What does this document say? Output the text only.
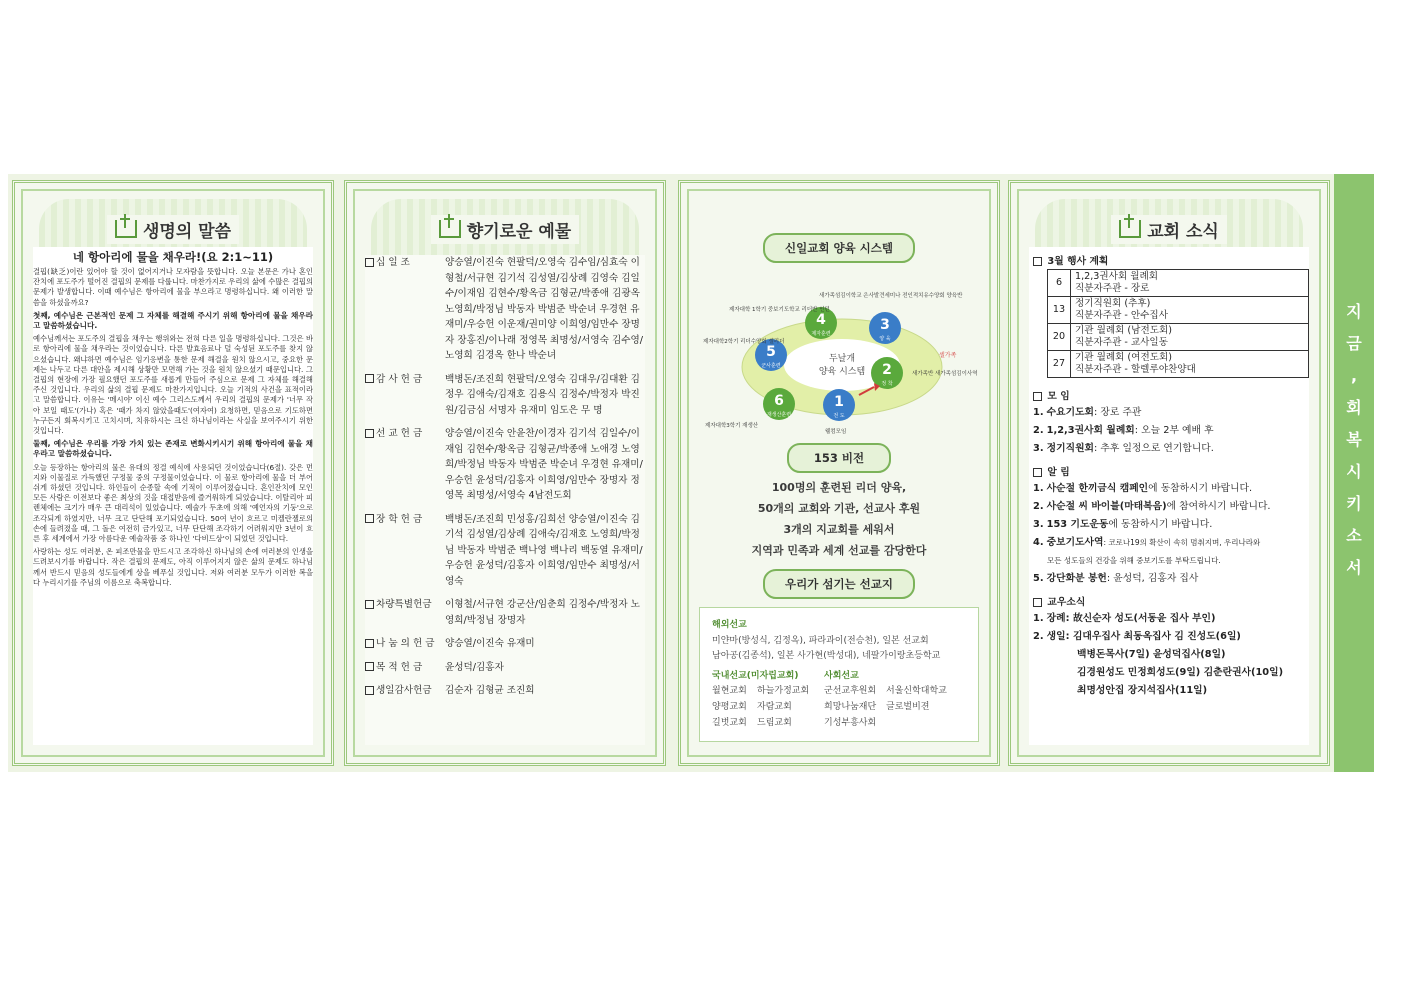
생명의 말씀
네 항아리에 물을 채우라!(요 2:1~11)

결핍(缺乏)이란 있어야 할 것이 없어지거나 모자람을 뜻합니다. 오늘 본문은 가나 혼인 잔치에 포도주가 떨어진 결핍의 문제를 다룹니다. 마찬가지로 우리의 삶에 수많은 결핍의 문제가 발생합니다. 이때 예수님은 항아리에 물을 부으라고 명령하십니다. 왜 이러한 말씀을 하셨을까요?

첫째, 예수님은 근본적인 문제 그 자체를 해결해 주시기 위해 항아리에 물을 채우라고 말씀하셨습니다.

예수님께서는 포도주의 결핍을 채우는 행위와는 전혀 다른 일을 명령하십니다. 그것은 바로 항아리에 물을 채우라는 것이었습니다. 다른 발효음료나 덜 숙성된 포도주를 찾지 않으셨습니다. 왜냐하면 예수님은 임기응변을 통한 문제 해결을 원치 않으시고, 중요한 문제는 나두고 다른 대안을 제시해 상황만 모면해 가는 것을 원치 않으셨기 때문입니다. 그 결핍의 현장에 가장 필요했던 포도주를 새롭게 만들어 주심으로 문제 그 자체를 해결해 주신 것입니다. 우리의 삶의 결핍 문제도 마찬가지입니다. 오늘 기적의 사건을 표적이라고 말씀합니다. 이유는 '메시야' 이신 예수 그리스도께서 우리의 결핍의 문제가 '너무 작아 보일 때도'(가나) 혹은 '때가 차지 않았을때도'(여자여) 요청하면, 믿음으로 기도하면 누구든지 회복시키고 고치시며, 치유하시는 크신 하나님이라는 사실을 보여주시기 위한 것입니다.

둘째, 예수님은 우리를 가장 가치 있는 존재로 변화시키시기 위해 항아리에 물을 채우라고 말씀하셨습니다.

오늘 등장하는 항아리의 물은 유대의 정결 예식에 사용되던 것이었습니다(6절). 갖은 먼지와 이물질로 가득했던 구정물 중의 구정물이었습니다. 이 물로 항아리에 물을 더 부어 쉬게 하셨던 것입니다. 하인들이 순종할 속에 기적이 이루어졌습니다. 혼인잔치에 모인 모든 사람은 이전보다 좋은 최상의 것을 대접받음에 즐거워하게 되었습니다. 이탈리아 피렌체에는 크기가 매우 큰 대리석이 있었습니다. 예술가 두초에 의해 '예언자의 기둥'으로 조각되게 하였지만, 너무 크고 단단해 포기되었습니다. 50여 년이 흐르고 미켈란젤로의 손에 들려졌을 때, 그 돌은 여전히 금가있고, 너무 단단해 조각하기 어려워지만 3년이 흐른 후 세계에서 가장 아름다운 예술작품 중 하나인 '다비드상'이 되었던 것입니다.

사랑하는 성도 여러분, 온 피조만물을 만드시고 조각하신 하나님의 손에 여러분의 인생을 드려보시기를 바랍니다. 작은 결핍의 문제도, 아직 이루어지지 않은 삶의 문제도 하나님께서 반드시 믿음의 성도들에게 상을 베푸실 것입니다. 저와 여러분 모두가 이러한 복을 다 누리시기를 주님의 이름으로 축복합니다.

향기로운 예물
십 일 조	양승열/이진숙 현팔덕/오영숙 김수임/심효숙 이형철/서규현 김기석 김성열/김상례 김영숙 김일수/이재임 김현수/황옥금 김형균/박종애 김광옥 노영희/박정님 박동자 박범준 박순녀 우경현 유재미/우승헌 이운재/권미양 이희영/임만수 장명자 장홍진/이나래 정영목 최명성/서영숙 김수영/노영희 김경옥 한나 박순녀
감 사 헌 금	백병돈/조진희 현팔덕/오영숙 김대우/김대환 김정우 김애숙/김재호 김용식 김정수/박정자 박진원/김금심 서명자 유재미 임도은 무 명
선 교 헌 금	양승열/이진숙 안윤찬/이경자 김기석 김일수/이재임 김현수/황옥금 김형균/박종애 노애경 노영희/박정님 박동자 박범준 박순녀 우경현 유재미/우승헌 윤성덕/김홍자 이희영/임만수 장명자 정영목 최명성/서영숙 4남전도회
장 학 헌 금	백병돈/조진희 민성홍/김희선 양승열/이진숙 김기석 김성열/김상례 김애숙/김재호 노영희/박정님 박동자 박범준 백나영 백나리 백동열 유재미/우승헌 윤성덕/김홍자 이희영/임만수 최명성/서영숙
차량특별헌금	이형철/서규현 강군산/임춘희 김정수/박정자 노영희/박정님 장명자
나 눔 의 헌 금	양승열/이진숙 유재미
목 적 헌 금	윤성덕/김홍자
생일감사헌금	김순자 김형균 조진희
신일교회 양육 시스템
두날개
양육 시스템
4
제자훈련
3
양 육
2
정 착
1
전 도
6
재생산훈련
5
군사훈련
새가족반 새가족섬김이사역
새가족섬김이학교 은사발견세미나 전인적치유수양회 양육반
제자대학 1학기 중보기도학교 리더반 인턴
제자대학2학기 리더수양회 셀리더
제자대학3학기 재생산
웰컴모임
셀가족
153 비전
100명의 훈련된 리더 양육,
50개의 교회와 기관, 선교사 후원
3개의 지교회를 세워서
지역과 민족과 세계 선교를 감당한다
우리가 섬기는 선교지
해외선교
미얀마(방성식, 김정옥), 파라과이(전승천), 일본 선교회
남아공(김종석), 일본 사가현(박성대), 네팔가이랑초등학교
국내선교(미자립교회)	사회선교
월현교회	하늘가정교회	군선교후원회	서울신학대학교
양평교회	자람교회	희망나눔재단	글로벌비젼
길벗교회	드림교회	기성부흥사회
교회 소식
3월 행사 계획
6	1,2,3권사회 월례회
직분자주관 - 장로

13	정기직원회 (추후)
직분자주관 - 안수집사

20	기관 월례회 (남전도회)
직분자주관 - 교사일동

27	기관 월례회 (여전도회)
직분자주관 - 할렐루야찬양대
모 임
1. 수요기도회: 장로 주관
2. 1,2,3권사회 월례회: 오늘 2부 예배 후
3. 정기직원회: 추후 일정으로 연기합니다.
알 림
1. 사순절 한끼금식 캠페인에 동참하시기 바랍니다.
2. 사순절 씨 바이블(마태복음)에 참여하시기 바랍니다.
3. 153 기도운동에 동참하시기 바랍니다.
4. 중보기도사역: 코로나19의 확산이 속히 멈춰지며, 우리나라와
모든 성도들의 건강을 위해 중보기도를 부탁드립니다.
5. 강단화분 봉헌: 윤성덕, 김홍자 집사
교우소식
1. 장례: 故신순자 성도(서동윤 집사 부인)
2. 생일: 김대우집사 최동옥집사 김 진성도(6일)
백병돈목사(7일) 윤성덕집사(8일)
김경원성도 민정희성도(9일) 김춘란권사(10일)
최명성안집 장지석집사(11일)
지
금
,
회
복
시
키
소
서
